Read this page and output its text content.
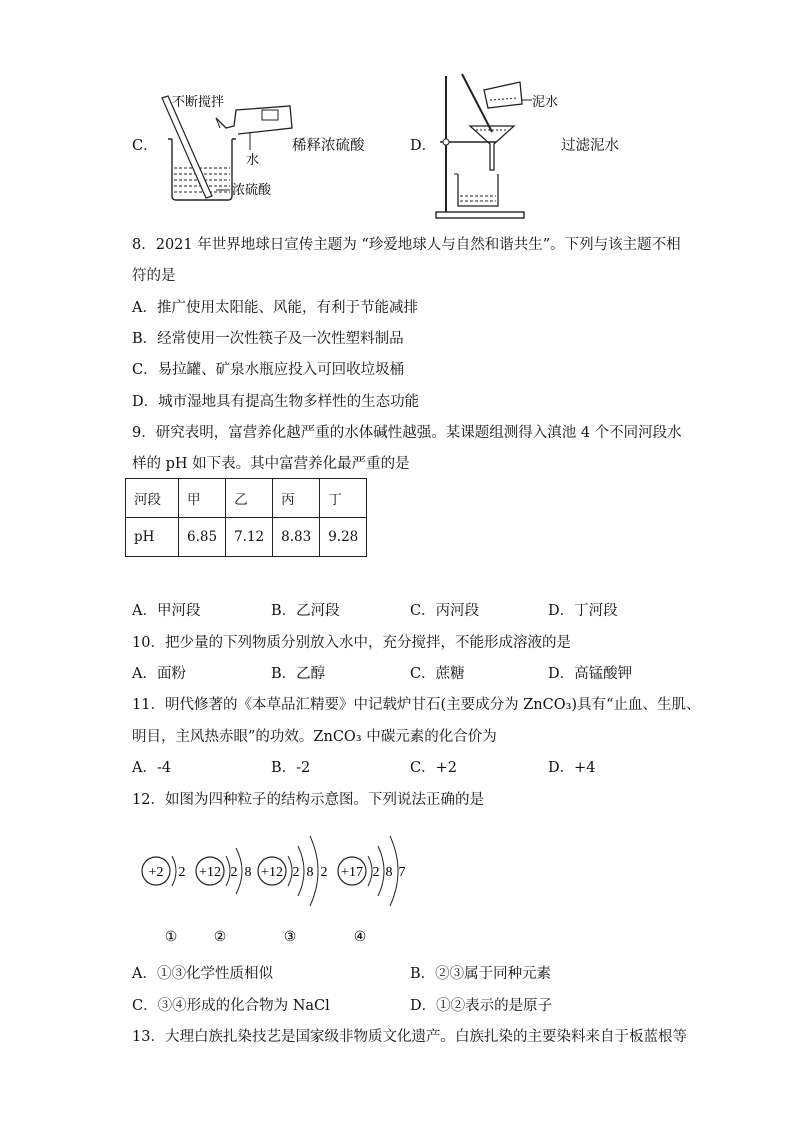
C．
不断搅拌
水
浓硫酸
稀释浓硫酸	D．
泥水
过滤泥水
8．2021 年世界地球日宣传主题为 “珍爱地球人与自然和谐共生”。下列与该主题不相
符的是
A．推广使用太阳能、风能，有利于节能减排
B．经常使用一次性筷子及一次性塑料制品
C．易拉罐、矿泉水瓶应投入可回收垃圾桶
D．城市湿地具有提高生物多样性的生态功能
9．研究表明，富营养化越严重的水体碱性越强。某课题组测得入滇池 4 个不同河段水
样的 pH 如下表。其中富营养化最严重的是
河段	甲	乙	丙	丁
pH	6.85	7.12	8.83	9.28
A．甲河段	B．乙河段	C．丙河段	D．丁河段
10．把少量的下列物质分别放入水中，充分搅拌，不能形成溶液的是
A．面粉	B．乙醇	C．蔗糖	D．高锰酸钾
11．明代修著的《本草品汇精要》中记载炉甘石(主要成分为 ZnCO₃)具有“止血、生肌、
明目，主风热赤眼”的功效。ZnCO₃ 中碳元素的化合价为
A．-4	B．-2	C．+2	D．+4
12．如图为四种粒子的结构示意图。下列说法正确的是
+2 2
①
+12 2 8
②
+12 2 8 2
③
+17 2 8 7
④
A．①③化学性质相似	B．②③属于同种元素
C．③④形成的化合物为 NaCl	D．①②表示的是原子
13．大理白族扎染技艺是国家级非物质文化遗产。白族扎染的主要染料来自于板蓝根等
